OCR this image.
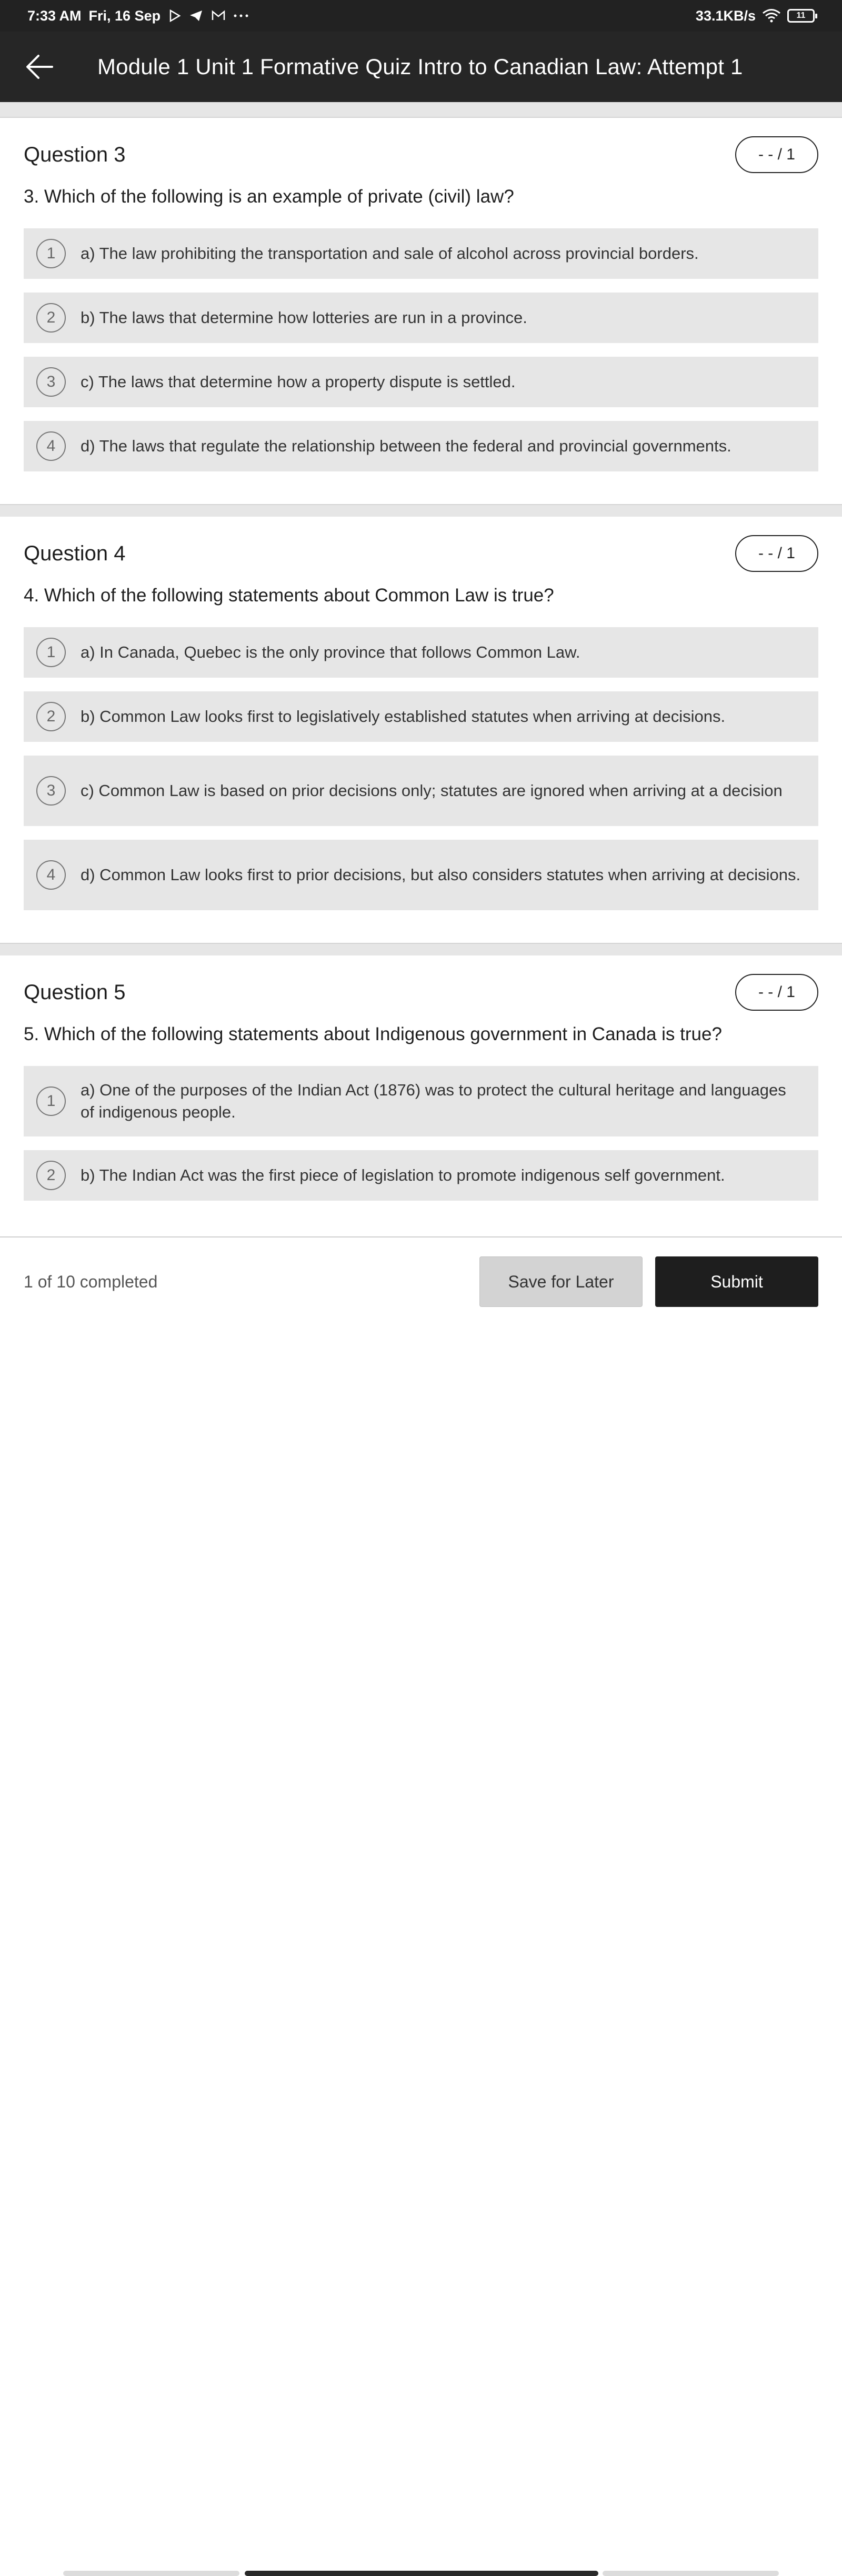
7:33 AM Fri, 16 Sep	33.1KB/s	11
Module 1 Unit 1 Formative Quiz Intro to Canadian Law: Attempt 1
Question 3	- - / 1
3. Which of the following is an example of private (civil) law?
1	a) The law prohibiting the transportation and sale of alcohol across provincial borders.
2	b) The laws that determine how lotteries are run in a province.
3	c) The laws that determine how a property dispute is settled.
4	d) The laws that regulate the relationship between the federal and provincial governments.
Question 4	- - / 1
4. Which of the following statements about Common Law is true?
1	a) In Canada, Quebec is the only province that follows Common Law.
2	b) Common Law looks first to legislatively established statutes when arriving at decisions.
3	c) Common Law is based on prior decisions only; statutes are ignored when arriving at a decision
4	d) Common Law looks first to prior decisions, but also considers statutes when arriving at decisions.
Question 5	- - / 1
5. Which of the following statements about Indigenous government in Canada is true?
1
a) One of the purposes of the Indian Act (1876) was to protect the cultural heritage and languages of indigenous people.
2	b) The Indian Act was the first piece of legislation to promote indigenous self government.
1 of 10 completed	Save for Later	Submit
